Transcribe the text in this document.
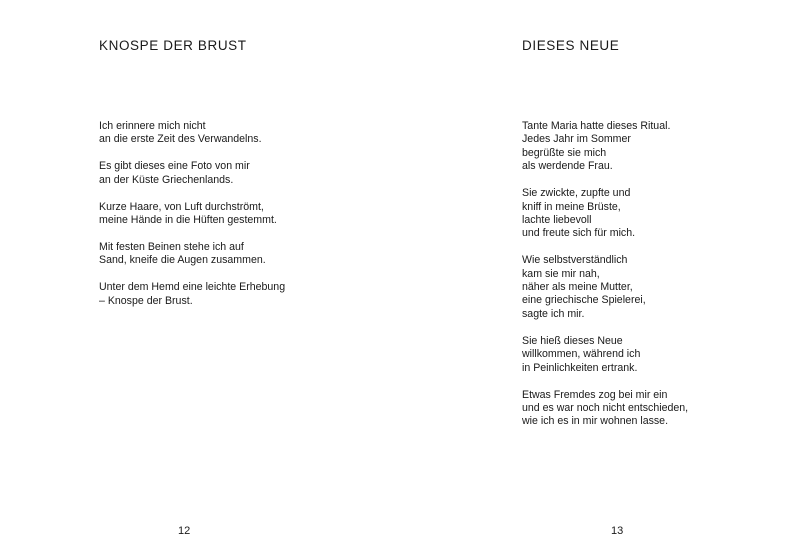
KNOSPE DER BRUST

Ich erinnere mich nicht
an die erste Zeit des Verwandelns.

Es gibt dieses eine Foto von mir
an der Küste Griechenlands.

Kurze Haare, von Luft durchströmt,
meine Hände in die Hüften gestemmt.

Mit festen Beinen stehe ich auf
Sand, kneife die Augen zusammen.

Unter dem Hemd eine leichte Erhebung
– Knospe der Brust.

12
DIESES NEUE

Tante Maria hatte dieses Ritual.
Jedes Jahr im Sommer
begrüßte sie mich
als werdende Frau.

Sie zwickte, zupfte und
kniff in meine Brüste,
lachte liebevoll
und freute sich für mich.

Wie selbstverständlich
kam sie mir nah,
näher als meine Mutter,
eine griechische Spielerei,
sagte ich mir.

Sie hieß dieses Neue
willkommen, während ich
in Peinlichkeiten ertrank.

Etwas Fremdes zog bei mir ein
und es war noch nicht entschieden,
wie ich es in mir wohnen lasse.

13
